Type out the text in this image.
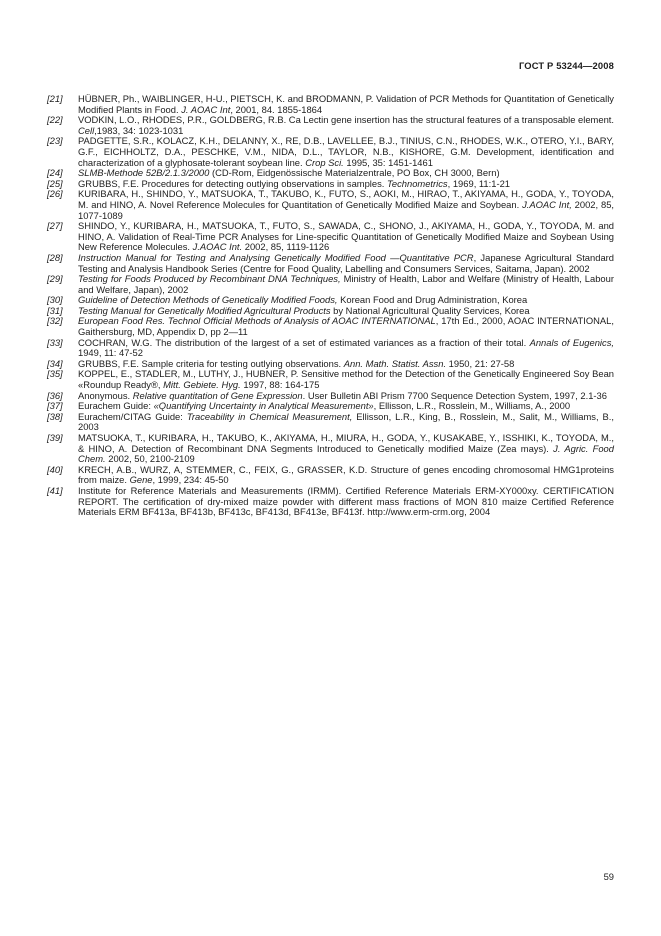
ГОСТ Р 53244—2008
[21]	HÜBNER, Ph., WAIBLINGER, H-U., PIETSCH, K. and BRODMANN, P. Validation of PCR Methods for Quantitation of Genetically Modified Plants in Food. J. AOAC Int, 2001, 84. 1855-1864
[22]	VODKIN, L.O., RHODES, P.R., GOLDBERG, R.B. Ca Lectin gene insertion has the structural features of a transposable element. Cell,1983, 34: 1023-1031
[23]	PADGETTE, S.R., KOLACZ, K.H., DELANNY, X., RE, D.B., LAVELLEE, B.J., TINIUS, C.N., RHODES, W.K., OTERO, Y.I., BARY, G.F., EICHHOLTZ, D.A., PESCHKE, V.M., NIDA, D.L., TAYLOR, N.B., KISHORE, G.M. Development, identification and characterization of a glyphosate-tolerant soybean line. Crop Sci. 1995, 35: 1451-1461
[24]	SLMB-Methode 52B/2.1.3/2000 (CD-Rom, Eidgenössische Materialzentrale, PO Box, CH 3000, Bern)
[25]	GRUBBS, F.E. Procedures for detecting outlying observations in samples. Technometrics, 1969, 11:1-21
[26]	KURIBARA, H., SHINDO, Y., MATSUOKA, T., TAKUBO, K., FUTO, S., AOKI, M., HIRAO, T., AKIYAMA, H., GODA, Y., TOYODA, M. and HINO, A. Novel Reference Molecules for Quantitation of Genetically Modified Maize and Soybean. J.AOAC Int, 2002, 85, 1077-1089
[27]	SHINDO, Y., KURIBARA, H., MATSUOKA, T., FUTO, S., SAWADA, C., SHONO, J., AKIYAMA, H., GODA, Y., TOYODA, M. and HINO, A. Validation of Real-Time PCR Analyses for Line-specific Quantitation of Genetically Modified Maize and Soybean Using New Reference Molecules. J.AOAC Int. 2002, 85, 1119-1126
[28]	Instruction Manual for Testing and Analysing Genetically Modified Food —Quantitative PCR, Japanese Agricultural Standard Testing and Analysis Handbook Series (Centre for Food Quality, Labelling and Consumers Services, Saitama, Japan). 2002
[29]	Testing for Foods Produced by Recombinant DNA Techniques, Ministry of Health, Labor and Welfare (Ministry of Health, Labour and Welfare, Japan), 2002
[30]	Guideline of Detection Methods of Genetically Modified Foods, Korean Food and Drug Administration, Korea
[31]	Testing Manual for Genetically Modified Agricultural Products by National Agricultural Quality Services, Korea
[32]	European Food Res. Technol Official Methods of Analysis of AOAC INTERNATIONAL, 17th Ed., 2000, AOAC INTERNATIONAL, Gaithersburg, MD, Appendix D, pp 2—11
[33]	COCHRAN, W.G. The distribution of the largest of a set of estimated variances as a fraction of their total. Annals of Eugenics, 1949, 11: 47-52
[34]	GRUBBS, F.E. Sample criteria for testing outlying observations. Ann. Math. Statist. Assn. 1950, 21: 27-58
[35]	KOPPEL, E., STADLER, M., LUTHY, J., HUBNER, P. Sensitive method for the Detection of the Genetically Engineered Soy Bean «Roundup Ready®, Mitt. Gebiete. Hyg. 1997, 88: 164-175
[36]	Anonymous. Relative quantitation of Gene Expression. User Bulletin ABI Prism 7700 Sequence Detection System, 1997, 2.1-36
[37]	Eurachem Guide: «Quantifying Uncertainty in Analytical Measurement», Ellisson, L.R., Rosslein, M., Williams, A., 2000
[38]	Eurachem/CITAG Guide: Traceability in Chemical Measurement, Ellisson, L.R., King, B., Rosslein, M., Salit, M., Williams, B., 2003
[39]	MATSUOKA, T., KURIBARA, H., TAKUBO, K., AKIYAMA, H., MIURA, H., GODA, Y., KUSAKABE, Y., ISSHIKI, K., TOYODA, M., & HINO, A. Detection of Recombinant DNA Segments Introduced to Genetically modified Maize (Zea mays). J. Agric. Food Chem. 2002, 50, 2100-2109
[40]	KRECH, A.B., WURZ, A, STEMMER, C., FEIX, G., GRASSER, K.D. Structure of genes encoding chromosomal HMG1proteins from maize. Gene, 1999, 234: 45-50
[41]	Institute for Reference Materials and Measurements (IRMM). Certified Reference Materials ERM-XY000xy. CERTIFICATION REPORT. The certification of dry-mixed maize powder with different mass fractions of MON 810 maize Certified Reference Materials ERM BF413a, BF413b, BF413c, BF413d, BF413e, BF413f. http://www.erm-crm.org, 2004
59
